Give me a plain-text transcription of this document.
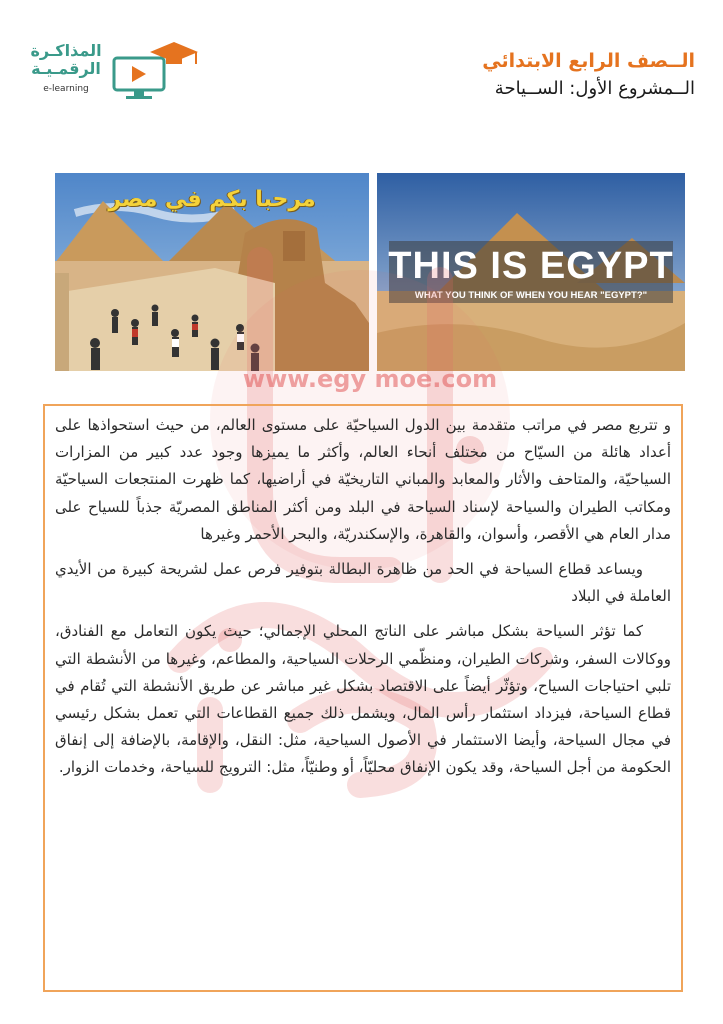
الــصف الرابع الابتدائي
الــمشروع الأول: الســياحة
المذاكـرة
الرقمـيـة
e-learning
مرحبا بكم في مصر
THIS IS EGYPT
WHAT YOU THINK OF WHEN YOU HEAR "EGYPT?"
www.egy moe.com

و تتربع مصر في مراتب متقدمة بين الدول السياحيّة على مستوى العالم، من حيث استحواذها على أعداد هائلة من السيّاح من مختلف أنحاء العالم، وأكثر ما يميزها وجود عدد كبير من المزارات السياحيّة، والمتاحف والأثار والمعابد والمباني التاريخيّة في أراضيها، كما ظهرت المنتجعات السياحيّة ومكاتب الطيران والسياحة لإسناد السياحة في البلد ومن أكثر المناطق المصريّة جذباً للسياح على مدار العام هي الأقصر، وأسوان، والقاهرة، والإسكندريّة، والبحر الأحمر وغيرها

ويساعد قطاع السياحة في الحد من ظاهرة البطالة بتوفير فرص عمل لشريحة كبيرة من الأيدي العاملة في البلاد

كما تؤثر السياحة بشكل مباشر على الناتج المحلي الإجمالي؛ حيث يكون التعامل مع الفنادق، ووكالات السفر، وشركات الطيران، ومنظّمي الرحلات السياحية، والمطاعم، وغيرها من الأنشطة التي تلبي احتياجات السياح، وتؤثّر أيضاً على الاقتصاد بشكل غير مباشر عن طريق الأنشطة التي تُقام في قطاع السياحة، فيزداد استثمار رأس المال، ويشمل ذلك جميع القطاعات التي تعمل بشكل رئيسي في مجال السياحة، وأيضا الاستثمار في الأصول السياحية، مثل: النقل، والإقامة، بالإضافة إلى إنفاق الحكومة من أجل السياحة، وقد يكون الإنفاق محليّاً، أو وطنيّاً، مثل: الترويج للسياحة، وخدمات الزوار.
